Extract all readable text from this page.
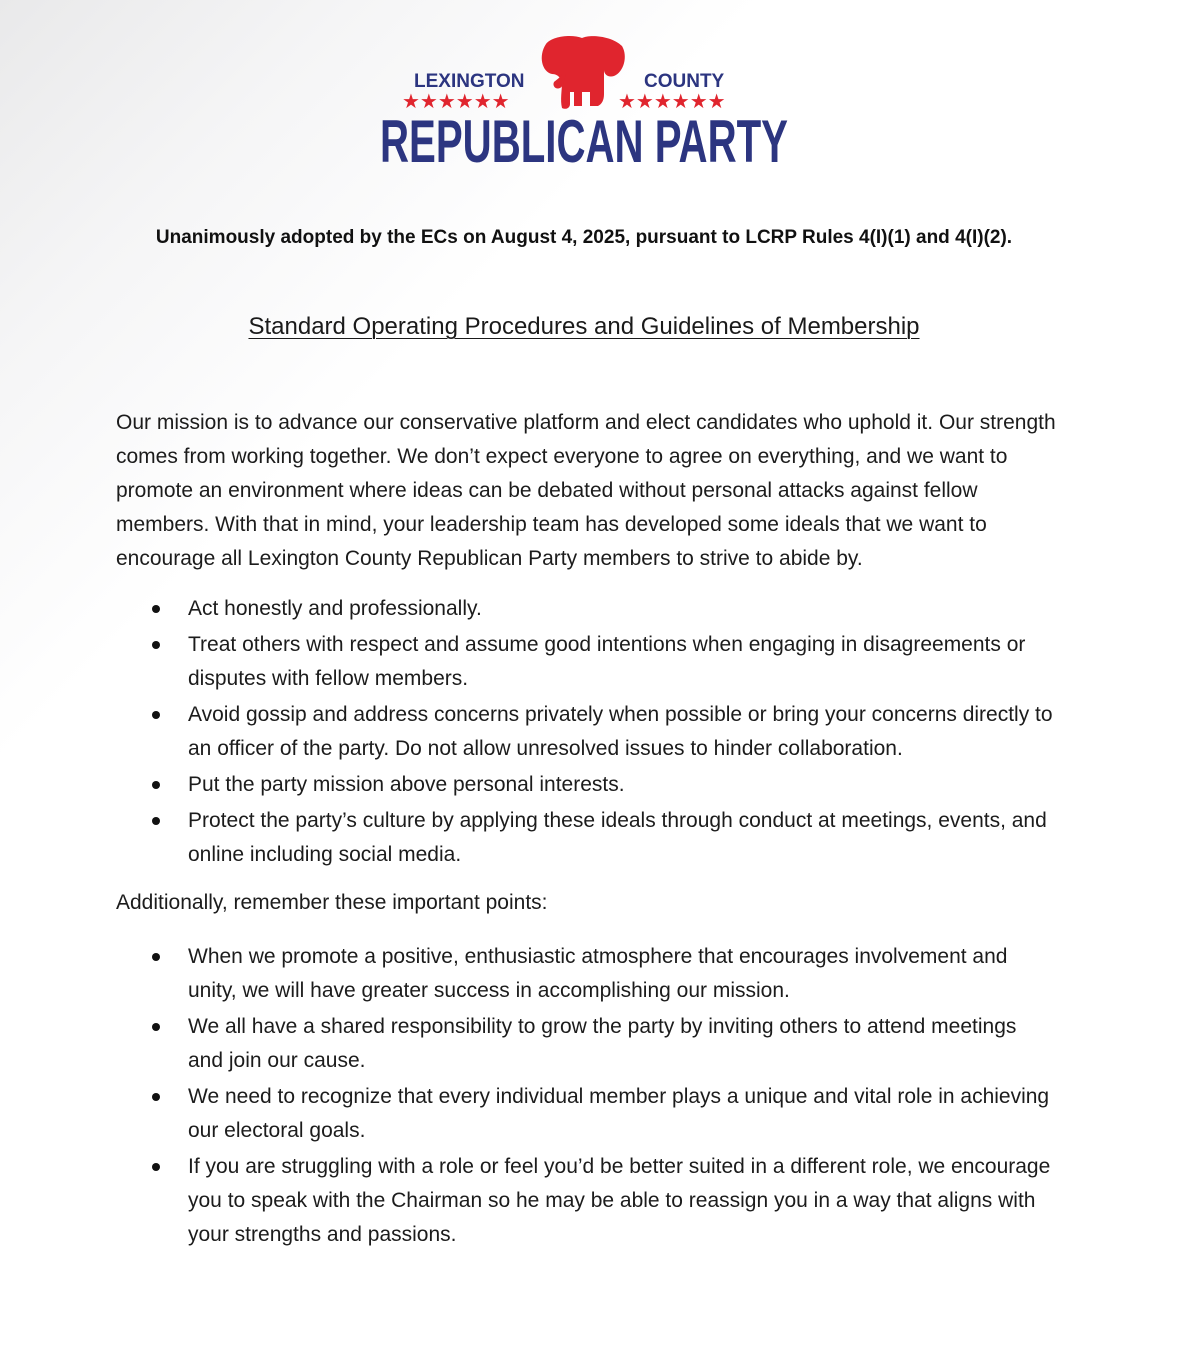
LEXINGTON	COUNTY
★★★★★★	★★★★★★
REPUBLICAN PARTY
Unanimously adopted by the ECs on August 4, 2025, pursuant to LCRP Rules 4(I)(1) and 4(I)(2).
Standard Operating Procedures and Guidelines of Membership

Our mission is to advance our conservative platform and elect candidates who uphold it. Our strength comes from working together. We don’t expect everyone to agree on everything, and we want to promote an environment where ideas can be debated without personal attacks against fellow members. With that in mind, your leadership team has developed some ideals that we want to encourage all Lexington County Republican Party members to strive to abide by.

Act honestly and professionally.
Treat others with respect and assume good intentions when engaging in disagreements or disputes with fellow members.
Avoid gossip and address concerns privately when possible or bring your concerns directly to an officer of the party. Do not allow unresolved issues to hinder collaboration.
Put the party mission above personal interests.
Protect the party’s culture by applying these ideals through conduct at meetings, events, and online including social media.

Additionally, remember these important points:

When we promote a positive, enthusiastic atmosphere that encourages involvement and unity, we will have greater success in accomplishing our mission.
We all have a shared responsibility to grow the party by inviting others to attend meetings and join our cause.
We need to recognize that every individual member plays a unique and vital role in achieving our electoral goals.
If you are struggling with a role or feel you’d be better suited in a different role, we encourage you to speak with the Chairman so he may be able to reassign you in a way that aligns with your strengths and passions.
